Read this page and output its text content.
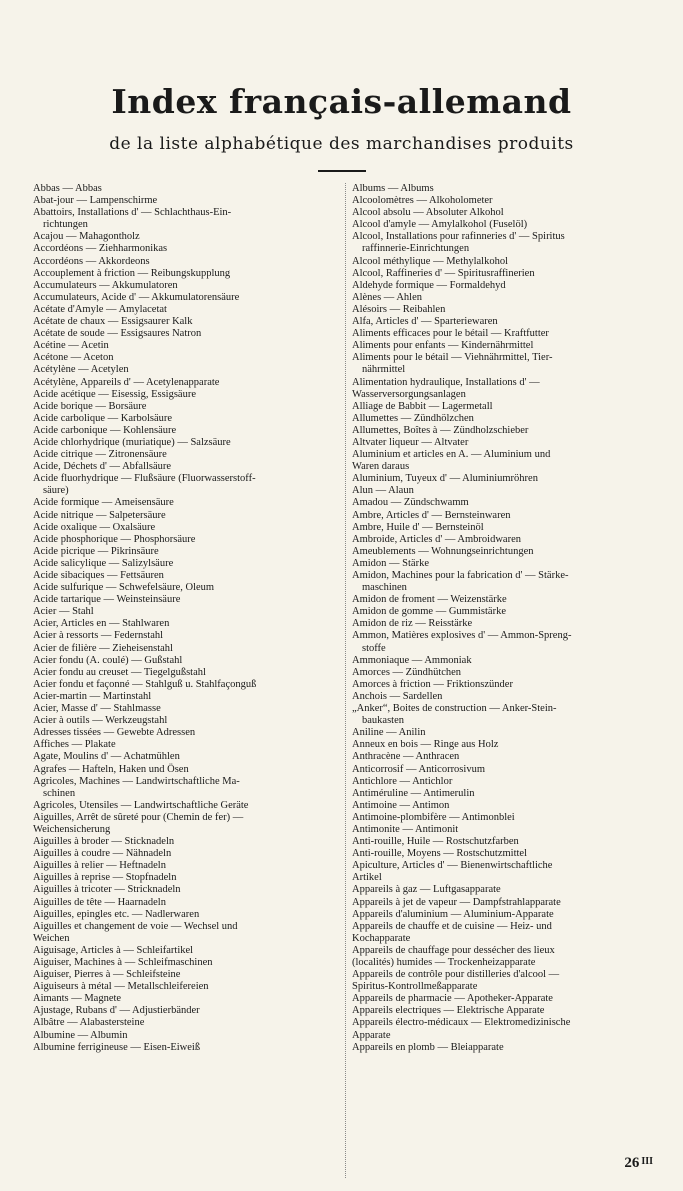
Index français-allemand
de la liste alphabétique des marchandises produits
Abbas — Abbas
Abat-jour — Lampenschirme
Abattoirs, Installations d' — Schlachthaus-Ein-
richtungen
Acajou — Mahagontholz
Accordéons — Ziehharmonikas
Accordéons — Akkordeons
Accouplement à friction — Reibungskupplung
Accumulateurs — Akkumulatoren
Accumulateurs, Acide d' — Akkumulatorensäure
Acétate d'Amyle — Amylacetat
Acétate de chaux — Essigsaurer Kalk
Acétate de soude — Essigsaures Natron
Acétine — Acetin
Acétone — Aceton
Acétylène — Acetylen
Acétylène, Appareils d' — Acetylenapparate
Acide acétique — Eisessig, Essigsäure
Acide borique — Borsäure
Acide carbolique — Karbolsäure
Acide carbonique — Kohlensäure
Acide chlorhydrique (muriatique) — Salzsäure
Acide citrique — Zitronensäure
Acide, Déchets d' — Abfallsäure
Acide fluorhydrique — Flußsäure (Fluorwasserstoff-
säure)
Acide formique — Ameisensäure
Acide nitrique — Salpetersäure
Acide oxalique — Oxalsäure
Acide phosphorique — Phosphorsäure
Acide picrique — Pikrinsäure
Acide salicylique — Salizylsäure
Acide sibaciques — Fettsäuren
Acide sulfurique — Schwefelsäure, Oleum
Acide tartarique — Weinsteinsäure
Acier — Stahl
Acier, Articles en — Stahlwaren
Acier à ressorts — Federnstahl
Acier de filière — Zieheisenstahl
Acier fondu (A. coulé) — Gußstahl
Acier fondu au creuset — Tiegelgußstahl
Acier fondu et façonné — Stahlguß u. Stahlfaçonguß
Acier-martin — Martinstahl
Acier, Masse d' — Stahlmasse
Acier à outils — Werkzeugstahl
Adresses tissées — Gewebte Adressen
Affiches — Plakate
Agate, Moulins d' — Achatmühlen
Agrafes — Hafteln, Haken und Ösen
Agricoles, Machines — Landwirtschaftliche Ma-
schinen
Agricoles, Utensiles — Landwirtschaftliche Geräte
Aiguilles, Arrêt de sûreté pour (Chemin de fer) —
Weichensicherung
Aiguilles à broder — Sticknadeln
Aiguilles à coudre — Nähnadeln
Aiguilles à relier — Heftnadeln
Aiguilles à reprise — Stopfnadeln
Aiguilles à tricoter — Stricknadeln
Aiguilles de tête — Haarnadeln
Aiguilles, epingles etc. — Nadlerwaren
Aiguilles et changement de voie — Wechsel und
Weichen
Aiguisage, Articles à — Schleifartikel
Aiguiser, Machines à — Schleifmaschinen
Aiguiser, Pierres à — Schleifsteine
Aiguiseurs à métal — Metallschleifereien
Aimants — Magnete
Ajustage, Rubans d' — Adjustierbänder
Albâtre — Alabastersteine
Albumine — Albumin
Albumine ferrigineuse — Eisen-Eiweiß
Albums — Albums
Alcoolomètres — Alkoholometer
Alcool absolu — Absoluter Alkohol
Alcool d'amyle — Amylalkohol (Fuselöl)
Alcool, Installations pour rafinneries d' — Spiritus
raffinnerie-Einrichtungen
Alcool méthylique — Methylalkohol
Alcool, Raffineries d' — Spiritusraffinerien
Aldehyde formique — Formaldehyd
Alènes — Ahlen
Alésoirs — Reibahlen
Alfa, Articles d' — Sparteriewaren
Aliments efficaces pour le bétail — Kraftfutter
Aliments pour enfants — Kindernährmittel
Aliments pour le bétail — Viehnährmittel, Tier-
nährmittel
Alimentation hydraulique, Installations d' —
Wasserversorgungsanlagen
Alliage de Babbit — Lagermetall
Allumettes — Zündhölzchen
Allumettes, Boîtes à — Zündholzschieber
Altvater liqueur — Altvater
Aluminium et articles en A. — Aluminium und
Waren daraus
Aluminium, Tuyeux d' — Aluminiumröhren
Alun — Alaun
Amadou — Zündschwamm
Ambre, Articles d' — Bernsteinwaren
Ambre, Huile d' — Bernsteinöl
Ambroide, Articles d' — Ambroidwaren
Ameublements — Wohnungseinrichtungen
Amidon — Stärke
Amidon, Machines pour la fabrication d' — Stärke-
maschinen
Amidon de froment — Weizenstärke
Amidon de gomme — Gummistärke
Amidon de riz — Reisstärke
Ammon, Matières explosives d' — Ammon-Spreng-
stoffe
Ammoniaque — Ammoniak
Amorces — Zündhütchen
Amorces à friction — Friktionszünder
Anchois — Sardellen
„Anker“, Boites de construction — Anker-Stein-
baukasten
Aniline — Anilin
Anneux en bois — Ringe aus Holz
Anthracène — Anthracen
Anticorrosif — Anticorrosivum
Antichlore — Antichlor
Antiméruline — Antimerulin
Antimoine — Antimon
Antimoine-plombifère — Antimonblei
Antimonite — Antimonit
Anti-rouille, Huile — Rostschutzfarben
Anti-rouille, Moyens — Rostschutzmittel
Apiculture, Articles d' — Bienenwirtschaftliche
Artikel
Appareils à gaz — Luftgasapparate
Appareils à jet de vapeur — Dampfstrahlapparate
Appareils d'aluminium — Aluminium-Apparate
Appareils de chauffe et de cuisine — Heiz- und
Kochapparate
Appareils de chauffage pour dessécher des lieux
(localités) humides — Trockenheizapparate
Appareils de contrôle pour distilleries d'alcool —
Spiritus-Kontrollmeßapparate
Appareils de pharmacie — Apotheker-Apparate
Appareils electriques — Elektrische Apparate
Appareils électro-médicaux — Elektromedizinische
Apparate
Appareils en plomb — Bleiapparate
26 $^{III}$
